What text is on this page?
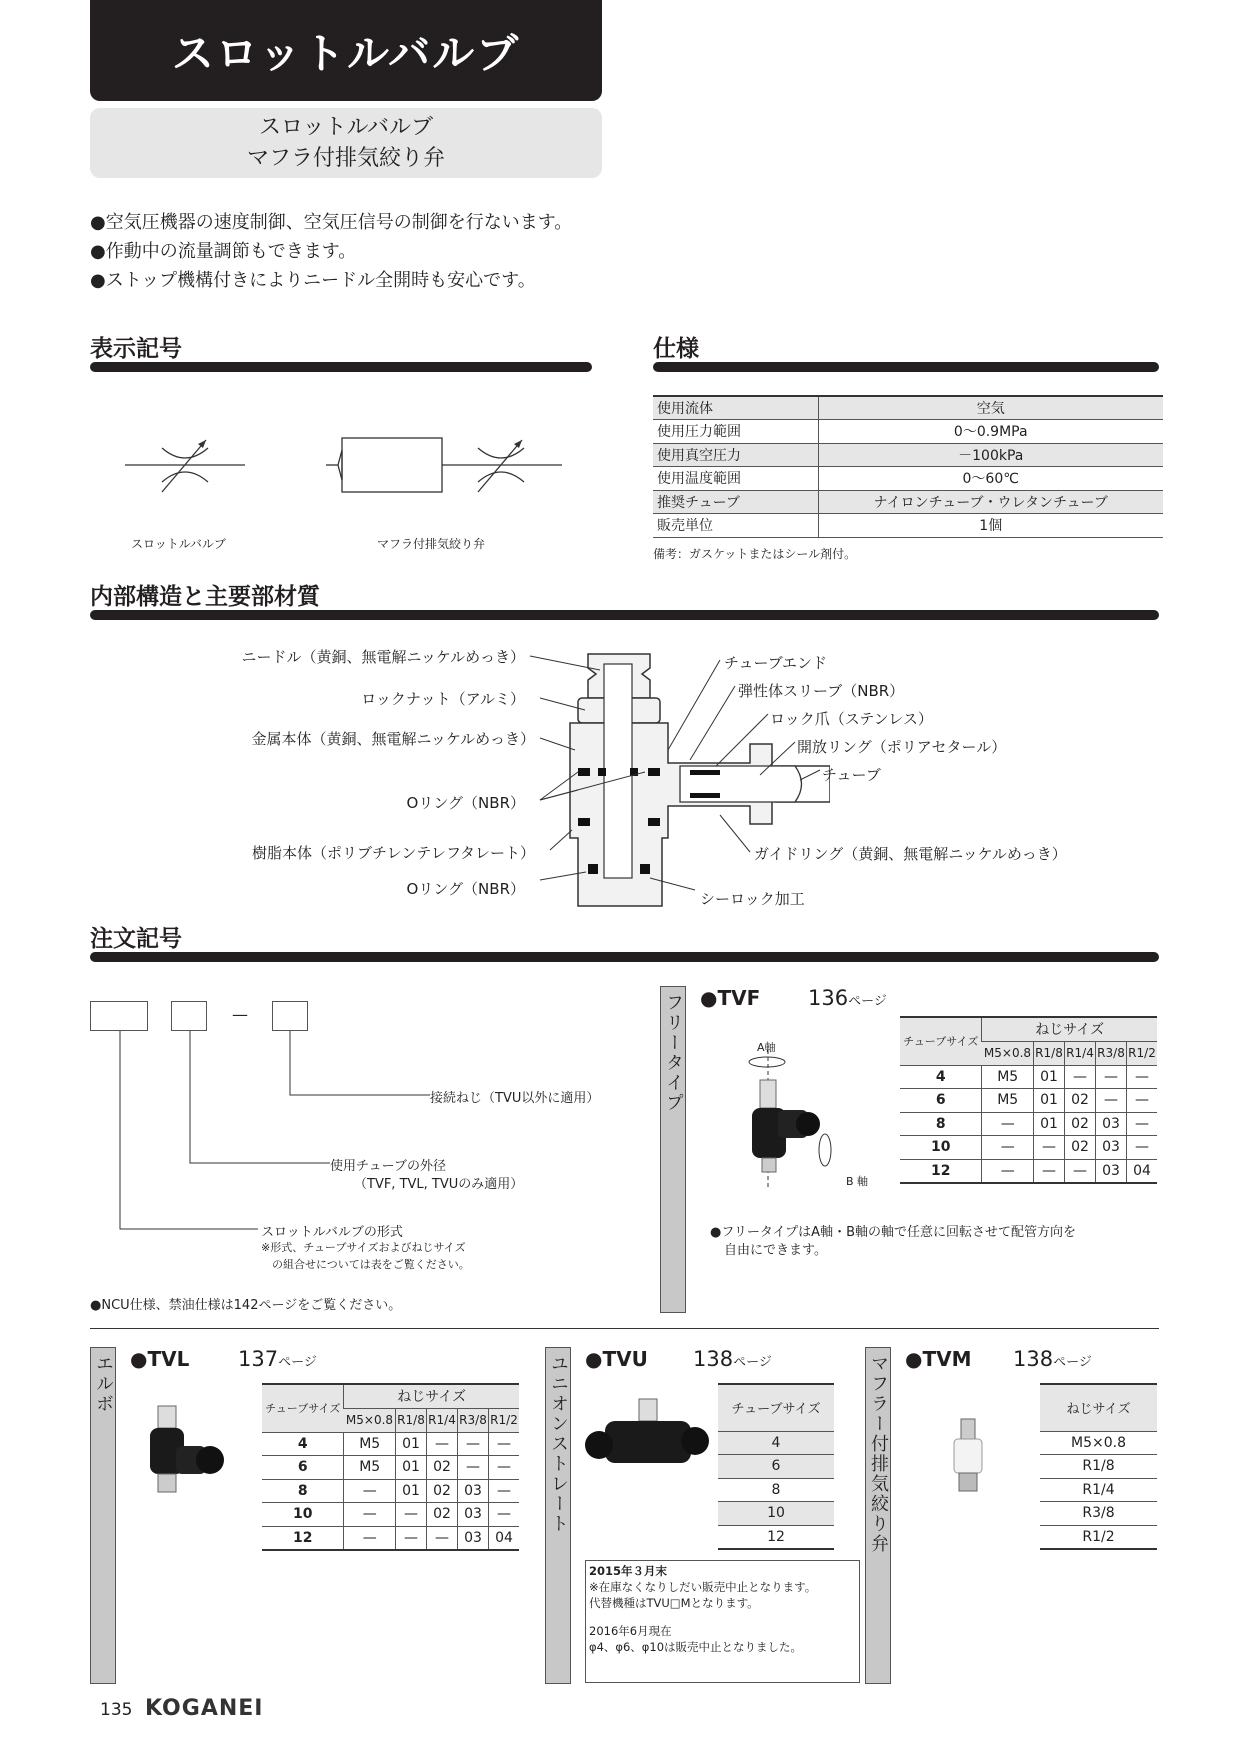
スロットルバルブ
スロットルバルブ
マフラ付排気絞り弁
●空気圧機器の速度制御、空気圧信号の制御を行ないます。
●作動中の流量調節もできます。
●ストップ機構付きによりニードル全開時も安心です。
表示記号
スロットルバルブ	マフラ付排気絞り弁
仕様
使用流体	空気
使用圧力範囲	0〜0.9MPa
使用真空圧力	－100kPa
使用温度範囲	0〜60℃
推奨チューブ	ナイロンチューブ・ウレタンチューブ
販売単位	1個
備考：ガスケットまたはシール剤付。
内部構造と主要部材質
ニードル（黄銅、無電解ニッケルめっき）
ロックナット（アルミ）
金属本体（黄銅、無電解ニッケルめっき）
Oリング（NBR）
樹脂本体（ポリブチレンテレフタレート）
Oリング（NBR）
チューブエンド
弾性体スリーブ（NBR）
ロック爪（ステンレス）
開放リング（ポリアセタール）
チューブ
ガイドリング（黄銅、無電解ニッケルめっき）
シーロック加工
注文記号
—
接続ねじ（TVU以外に適用）
使用チューブの外径
（TVF, TVL, TVUのみ適用）
スロットルバルブの形式
※形式、チューブサイズおよびねじサイズ
の組合せについては表をご覧ください。
●NCU仕様、禁油仕様は142ページをご覧ください。
フリータイプ ●TVF 136ページ
A軸
B 軸
チューブサイズ	ねじサイズ				
	M5×0.8	R1/8	R1/4	R3/8	R1/2
4	M5	01	—	—	—
6	M5	01	02	—	—
8	—	01	02	03	—
10	—	—	02	03	—
12	—	—	—	03	04
●フリータイプはA軸・B軸の軸で任意に回転させて配管方向を
自由にできます。
エルボ ●TVL 137ページ
チューブサイズ	ねじサイズ				
	M5×0.8	R1/8	R1/4	R3/8	R1/2
4	M5	01	—	—	—
6	M5	01	02	—	—
8	—	01	02	03	—
10	—	—	02	03	—
12	—	—	—	03	04
ユニオンストレート ●TVU 138ページ
チューブサイズ
4
6
8
10
12
2015年３月末
※在庫なくなりしだい販売中止となります。
代替機種はTVU□Mとなります。
2016年6月現在
φ4、φ6、φ10は販売中止となりました。
マフラー付排気絞り弁 ●TVM 138ページ
ねじサイズ
M5×0.8
R1/8
R1/4
R3/8
R1/2
135 KOGANEI
